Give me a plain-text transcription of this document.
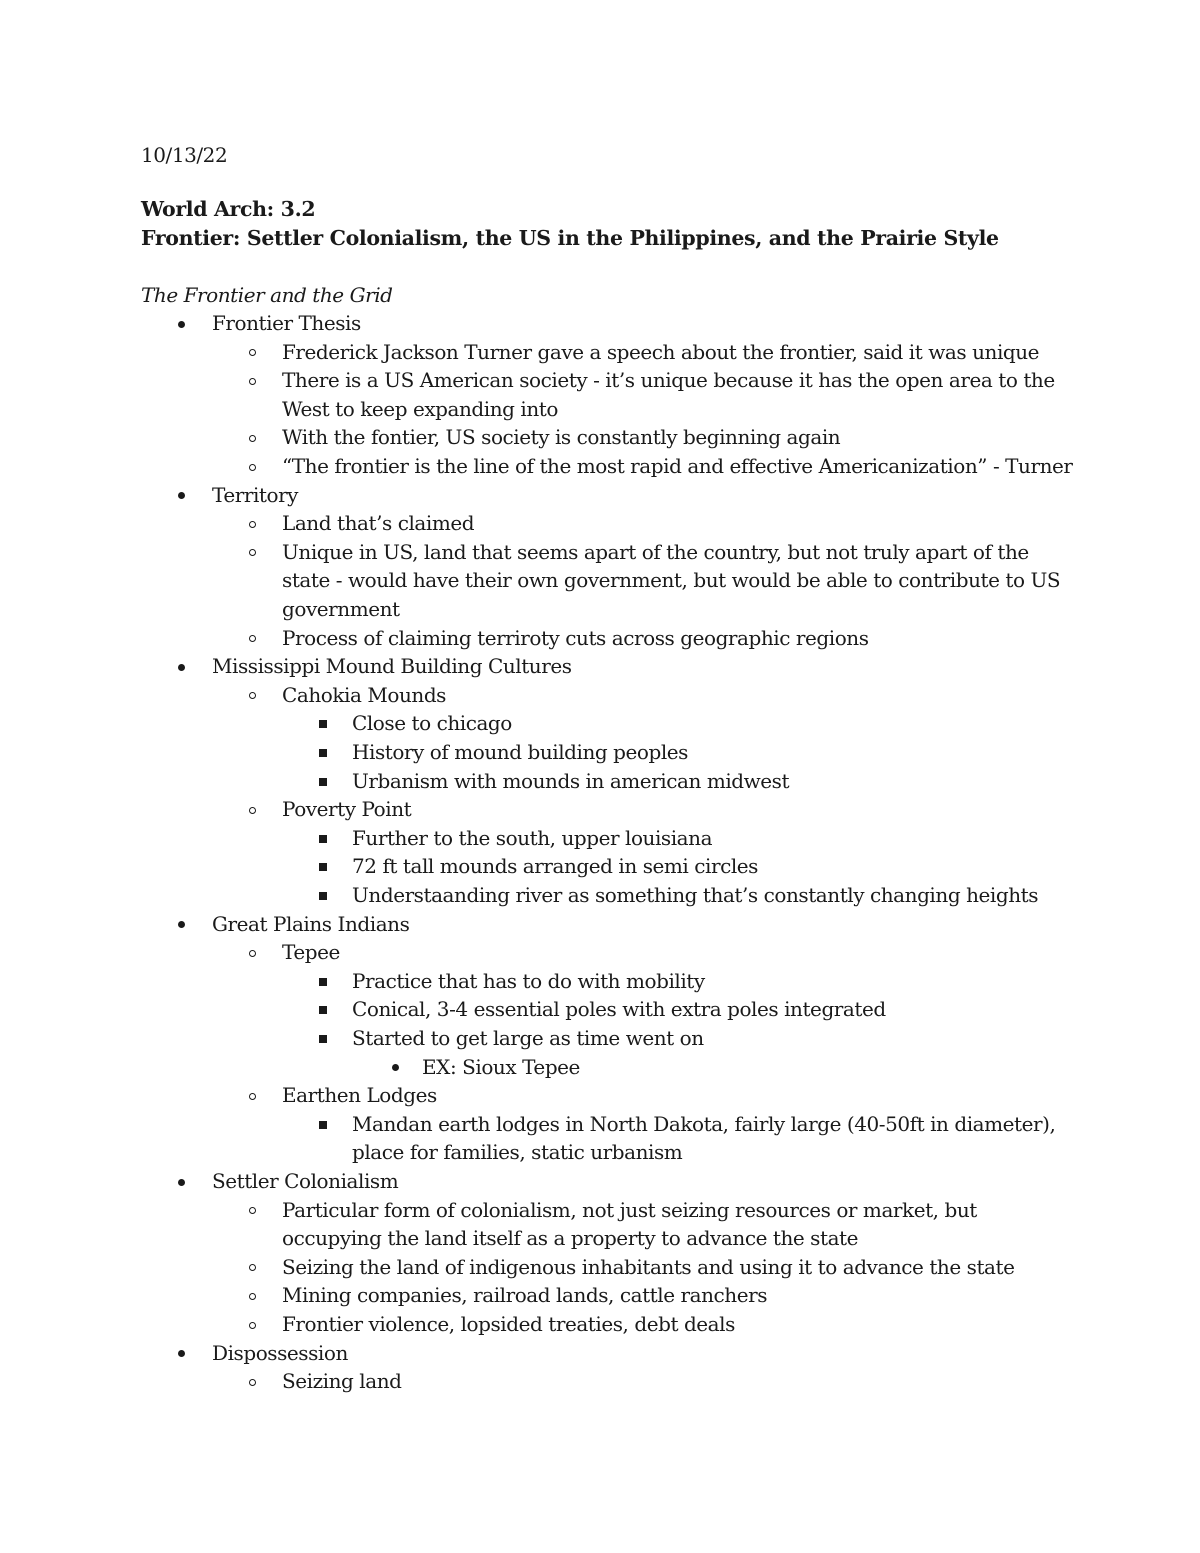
10/13/22
World Arch: 3.2
Frontier: Settler Colonialism, the US in the Philippines, and the Prairie Style
The Frontier and the Grid
Frontier Thesis
Frederick Jackson Turner gave a speech about the frontier, said it was unique
There is a US American society - it’s unique because it has the open area to the
West to keep expanding into
With the fontier, US society is constantly beginning again
“The frontier is the line of the most rapid and effective Americanization” - Turner
Territory
Land that’s claimed
Unique in US, land that seems apart of the country, but not truly apart of the
state - would have their own government, but would be able to contribute to US
government
Process of claiming terriroty cuts across geographic regions
Mississippi Mound Building Cultures
Cahokia Mounds
Close to chicago
History of mound building peoples
Urbanism with mounds in american midwest
Poverty Point
Further to the south, upper louisiana
72 ft tall mounds arranged in semi circles
Understaanding river as something that’s constantly changing heights
Great Plains Indians
Tepee
Practice that has to do with mobility
Conical, 3-4 essential poles with extra poles integrated
Started to get large as time went on
EX: Sioux Tepee
Earthen Lodges
Mandan earth lodges in North Dakota, fairly large (40-50ft in diameter),
place for families, static urbanism
Settler Colonialism
Particular form of colonialism, not just seizing resources or market, but
occupying the land itself as a property to advance the state
Seizing the land of indigenous inhabitants and using it to advance the state
Mining companies, railroad lands, cattle ranchers
Frontier violence, lopsided treaties, debt deals
Dispossession
Seizing land
